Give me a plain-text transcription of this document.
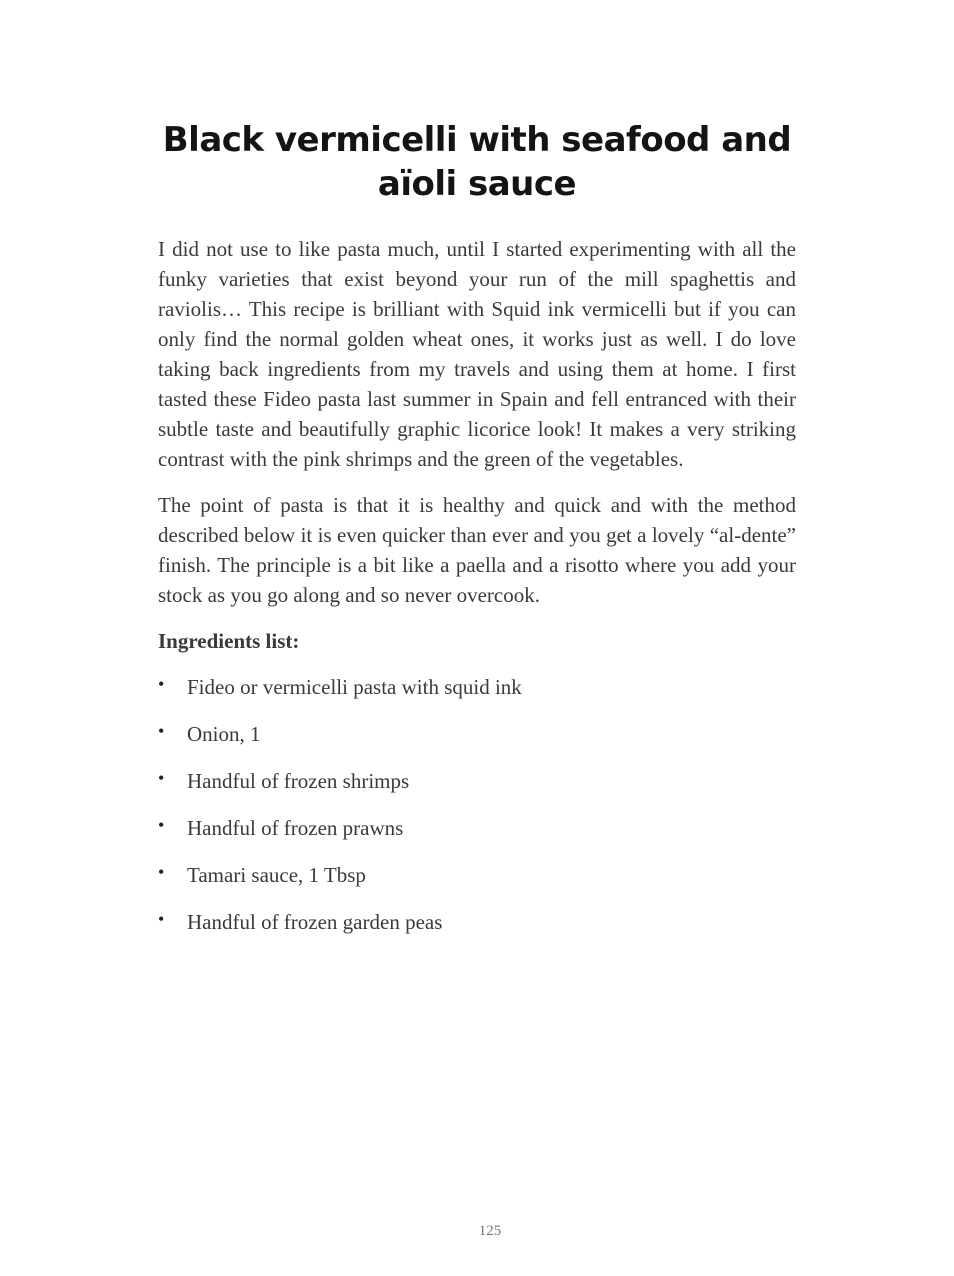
Black vermicelli with seafood and aïoli sauce

I did not use to like pasta much, until I started experimenting with all the funky varieties that exist beyond your run of the mill spaghettis and raviolis… This recipe is brilliant with Squid ink vermicelli but if you can only find the normal golden wheat ones, it works just as well. I do love taking back ingredients from my travels and using them at home. I first tasted these Fideo pasta last summer in Spain and fell entranced with their subtle taste and beautifully graphic licorice look! It makes a very striking contrast with the pink shrimps and the green of the vegetables.

The point of pasta is that it is healthy and quick and with the method described below it is even quicker than ever and you get a lovely “al-dente” finish. The principle is a bit like a paella and a risotto where you add your stock as you go along and so never overcook.

Ingredients list:

• Fideo or vermicelli pasta with squid ink
• Onion, 1
• Handful of frozen shrimps
• Handful of frozen prawns
• Tamari sauce, 1 Tbsp
• Handful of frozen garden peas
125
